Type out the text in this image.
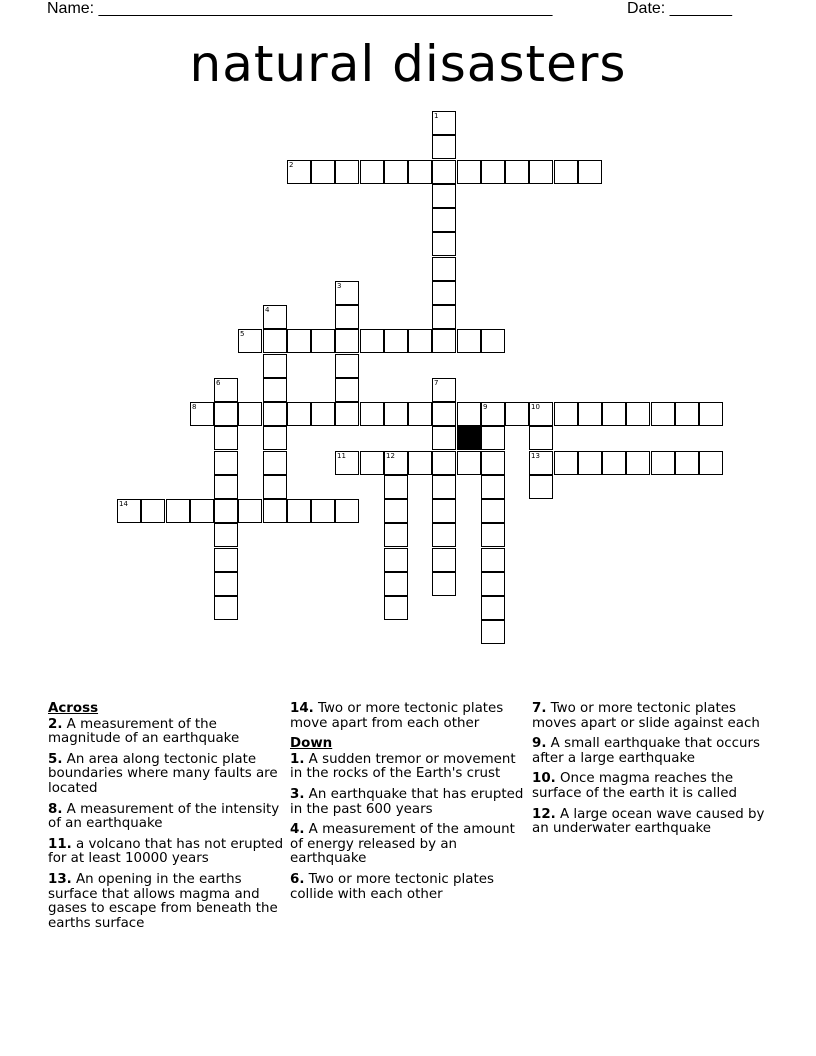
Name: ___________________________________________________	Date: _______
natural disasters
1
2
3
4
5
6	7
8	9	10
11	12	13
14
Across
2. A measurement of the magnitude of an earthquake
5. An area along tectonic plate boundaries where many faults are located
8. A measurement of the intensity of an earthquake
11. a volcano that has not erupted for at least 10000 years
13. An opening in the earths surface that allows magma and gases to escape from beneath the earths surface
14. Two or more tectonic plates move apart from each other
Down
1. A sudden tremor or movement in the rocks of the Earth's crust
3. An earthquake that has erupted in the past 600 years
4. A measurement of the amount of energy released by an earthquake
6. Two or more tectonic plates collide with each other
7. Two or more tectonic plates moves apart or slide against each
9. A small earthquake that occurs after a large earthquake
10. Once magma reaches the surface of the earth it is called
12. A large ocean wave caused by an underwater earthquake
